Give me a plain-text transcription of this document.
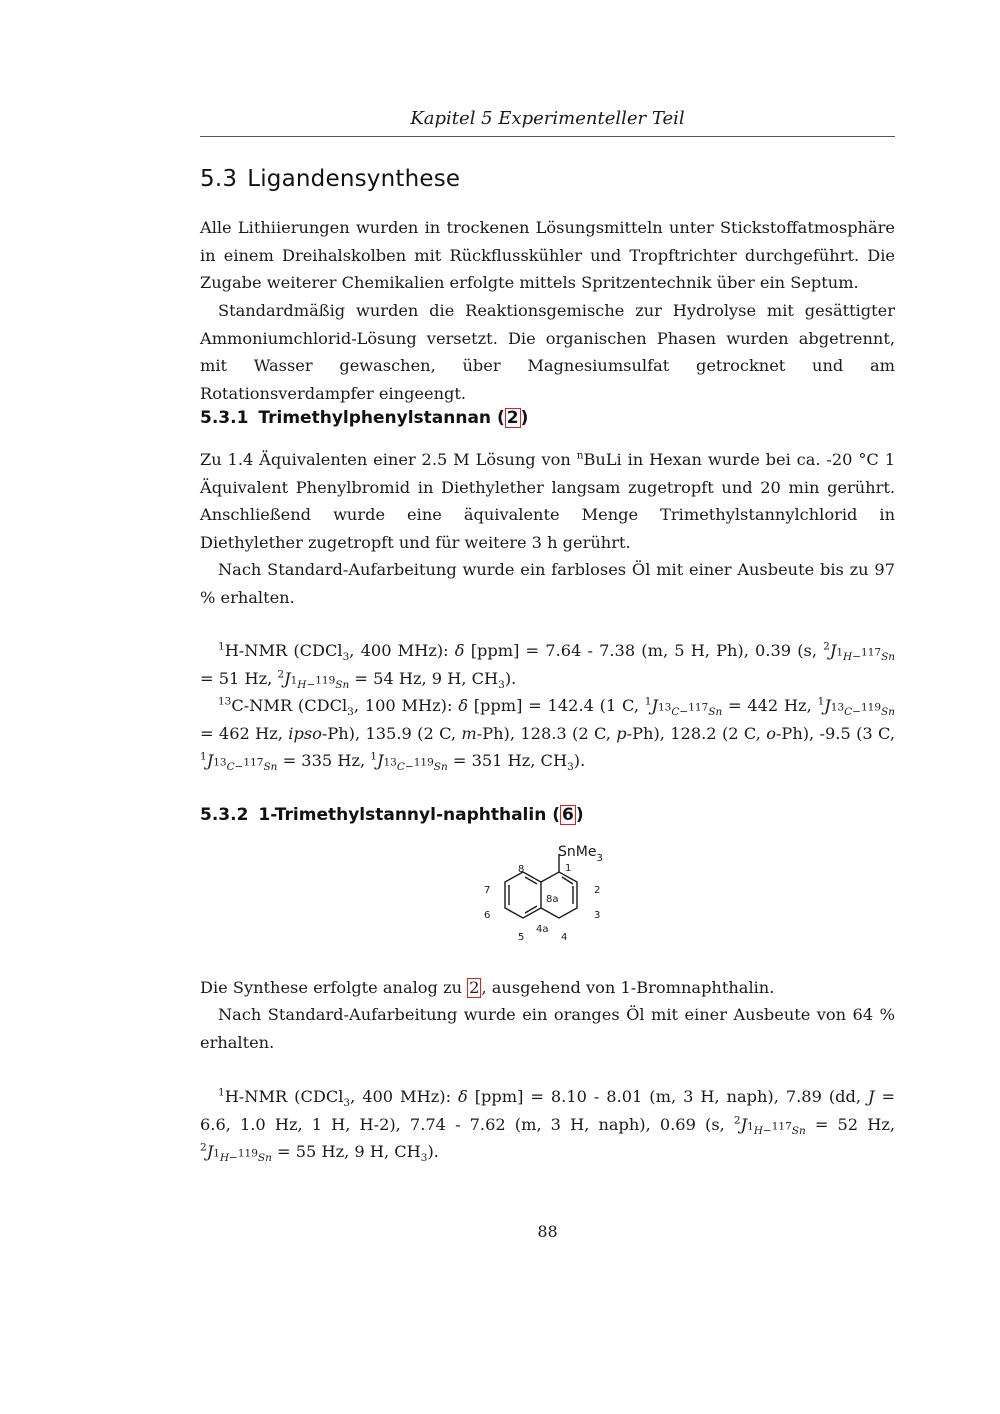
Kapitel 5 Experimenteller Teil
5.3 Ligandensynthese

Alle Lithiierungen wurden in trockenen Lösungsmitteln unter Stickstoffatmosphäre in einem Dreihalskolben mit Rückflusskühler und Tropftrichter durchgeführt. Die Zugabe weiterer Chemikalien erfolgte mittels Spritzentechnik über ein Septum.

Standardmäßig wurden die Reaktionsgemische zur Hydrolyse mit gesättigter Ammoniumchlorid-Lösung versetzt. Die organischen Phasen wurden abgetrennt, mit Wasser gewaschen, über Magnesiumsulfat getrocknet und am Rotationsverdampfer eingeengt.

5.3.1 Trimethylphenylstannan ( 2 )

Zu 1.4 Äquivalenten einer 2.5 M Lösung von $^n$BuLi in Hexan wurde bei ca. -20 °C 1 Äquivalent Phenylbromid in Diethylether langsam zugetropft und 20 min gerührt. Anschließend wurde eine äquivalente Menge Trimethylstannylchlorid in Diethylether zugetropft und für weitere 3 h gerührt.

Nach Standard-Aufarbeitung wurde ein farbloses Öl mit einer Ausbeute bis zu 97 % erhalten.

$^1$H-NMR (CDCl$_3$, 400 MHz): δ [ppm] = 7.64 - 7.38 (m, 5 H, Ph), 0.39 (s, $^2J_{^1H-^{117}Sn} = 51$ Hz, $^2J_{^1H-^{119}Sn} = 54$ Hz, 9 H, $CH_3$).

$^{13}$C-NMR (CDCl$_3$, 100 MHz): δ [ppm] = 142.4 (1 C, $^1J_{^{13}C-^{117}Sn} = 442$ Hz, $^1J_{^{13}C-^{119}Sn} = 462$ Hz, ipso-Ph), 135.9 (2 C, m-Ph), 128.3 (2 C, p-Ph), 128.2 (2 C, o-Ph), -9.5 (3 C, $^1J_{^{13}C-^{117}Sn} = 335$ Hz, $^1J_{^{13}C-^{119}Sn} = 351$ Hz, $CH_3$).

5.3.2 1-Trimethylstannyl-naphthalin ( 6 )
SnMe$_3$
1
2
3
4
4a
5
6
7
8
8a

Die Synthese erfolgte analog zu 2 , ausgehend von 1-Bromnaphthalin.

Nach Standard-Aufarbeitung wurde ein oranges Öl mit einer Ausbeute von 64 % erhalten.

$^1$H-NMR (CDCl$_3$, 400 MHz): δ [ppm] = 8.10 - 8.01 (m, 3 H, naph), 7.89 (dd, J = 6.6, 1.0 Hz, 1 H, H-2), 7.74 - 7.62 (m, 3 H, naph), 0.69 (s, $^2J_{^1H-^{117}Sn} = 52$ Hz, $^2J_{^1H-^{119}Sn} = 55$ Hz, 9 H, $CH_3$).

88
